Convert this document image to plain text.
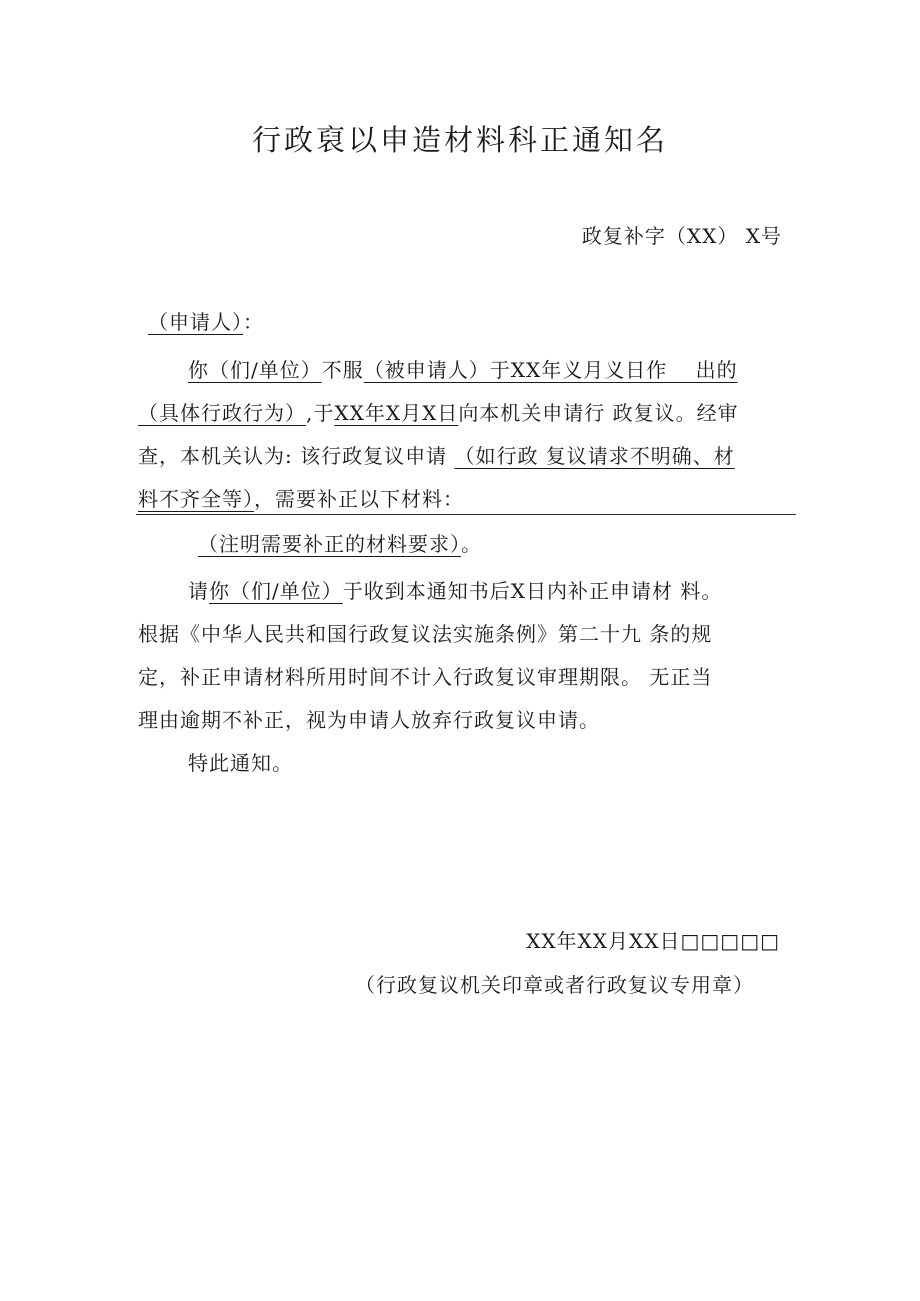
行政裒以申造材料科正通知名
政复补字（XX） X号
（申请人）：
你（们/单位）不服（被申请人）于XX年义月义日作　 出的
（具体行政行为）,于XX年X月X日向本机关申请行 政复议。经审
查，本机关认为: 该行政复议申请 （如行政 复议请求不明确、材
料不齐全等），需要补正以下材料：
（注明需要补正的材料要求）。
请你（们/单位）于收到本通知书后X日内补正申请材 料。
根据《中华人民共和国行政复议法实施条例》第二十九 条的规
定，补正申请材料所用时间不计入行政复议审理期限。 无正当
理由逾期不补正，视为申请人放弃行政复议申请。
特此通知。
XX年XX月XX日□□□□□
（行政复议机关印章或者行政复议专用章）
